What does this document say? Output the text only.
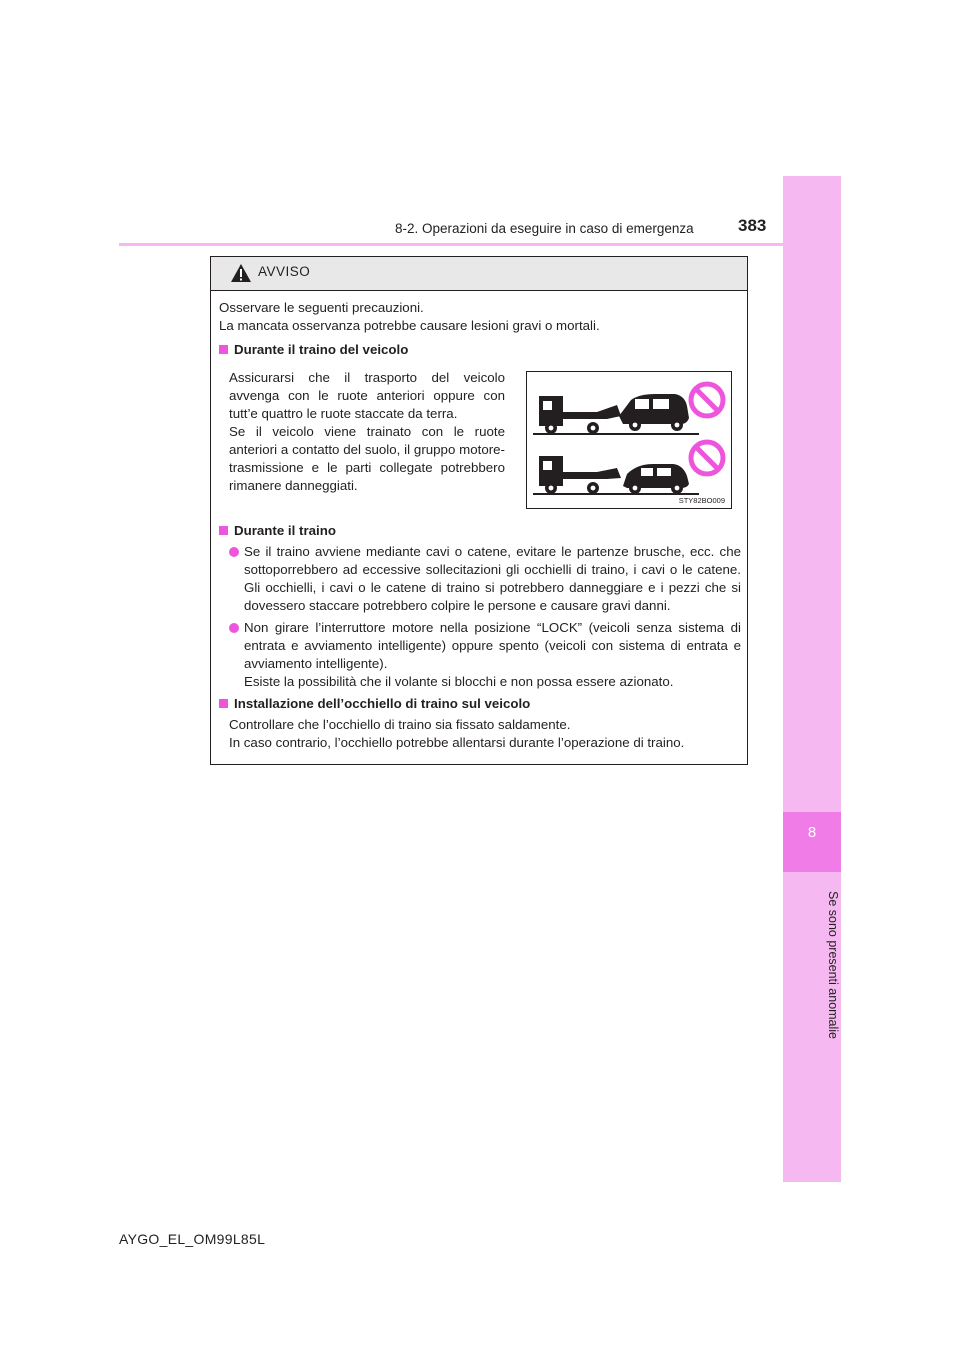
8
Se sono presenti anomalie
8-2. Operazioni da eseguire in caso di emergenza	383
AVVISO
Osservare le seguenti precauzioni.
La mancata osservanza potrebbe causare lesioni gravi o mortali.
Durante il traino del veicolo
Assicurarsi che il trasporto del veicolo avvenga con le ruote anteriori oppure con tutt’e quattro le ruote staccate da terra.
Se il veicolo viene trainato con le ruote anteriori a contatto del suolo, il gruppo motore-trasmissione e le parti collegate potrebbero rimanere danneggiati.
STY82BO009
Durante il traino
Se il traino avviene mediante cavi o catene, evitare le partenze brusche, ecc. che sottoporrebbero ad eccessive sollecitazioni gli occhielli di traino, i cavi o le catene. Gli occhielli, i cavi o le catene di traino si potrebbero danneggiare e i pezzi che si dovessero staccare potrebbero colpire le persone e causare gravi danni.
Non girare l’interruttore motore nella posizione “LOCK” (veicoli senza sistema di entrata e avviamento intelligente) oppure spento (veicoli con sistema di entrata e avviamento intelligente).
Esiste la possibilità che il volante si blocchi e non possa essere azionato.
Installazione dell’occhiello di traino sul veicolo
Controllare che l’occhiello di traino sia fissato saldamente.
In caso contrario, l’occhiello potrebbe allentarsi durante l’operazione di traino.
AYGO_EL_OM99L85L
